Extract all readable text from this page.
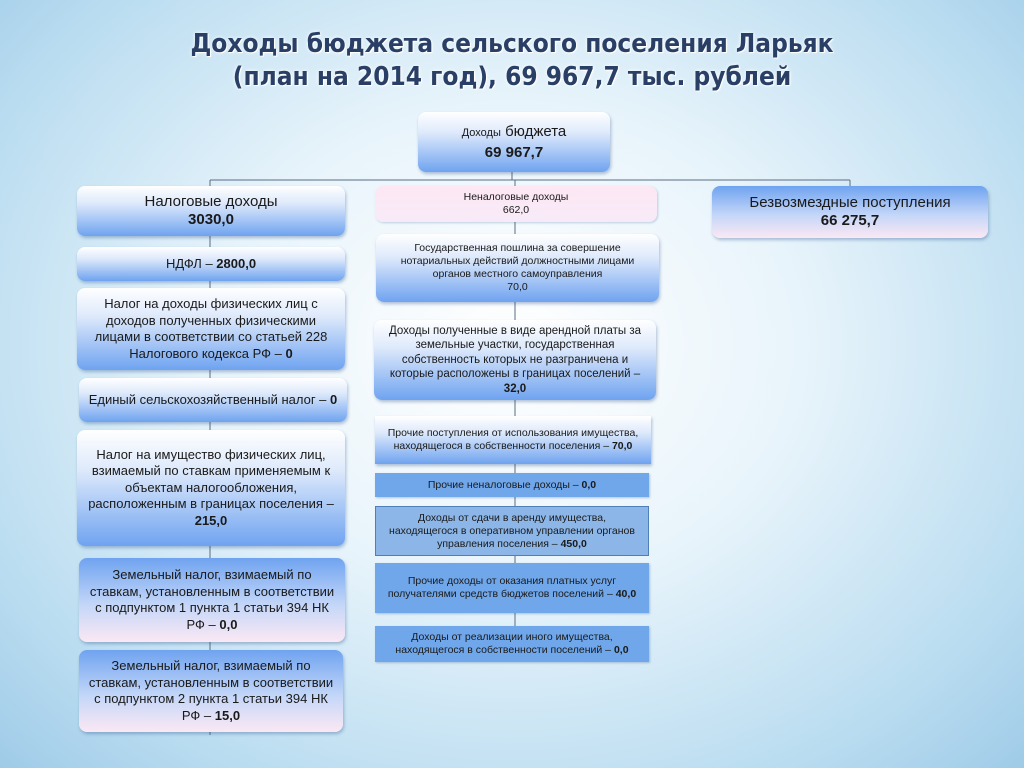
Доходы бюджета сельского поселения Ларьяк
(план на 2014 год), 69 967,7 тыс. рублей
Доходы бюджета
69 967,7
Налоговые доходы
3030,0
Неналоговые доходы
662,0	Безвозмездные поступления
66 275,7
НДФЛ – 2800,0
Налог на доходы физических лиц с доходов полученных физическими лицами в соответствии со статьей 228 Налогового кодекса РФ – 0
Единый сельскохозяйственный налог – 0
Налог на имущество физических лиц, взимаемый по ставкам применяемым к объектам налогообложения, расположенным в границах поселения – 215,0
Земельный налог, взимаемый по ставкам, установленным в соответствии с подпунктом 1 пункта 1 статьи 394 НК РФ – 0,0
Земельный налог, взимаемый по ставкам, установленным в соответствии с подпунктом 2 пункта 1 статьи 394 НК РФ – 15,0
Государственная пошлина за совершение нотариальных действий должностными лицами органов местного самоуправления
70,0
Доходы полученные в виде арендной платы за земельные участки, государственная собственность которых не разграничена и которые расположены в границах поселений – 32,0
Прочие поступления от использования имущества, находящегося в собственности поселения – 70,0
Прочие неналоговые доходы – 0,0
Доходы от сдачи в аренду имущества, находящегося в оперативном управлении органов управления поселения – 450,0
Прочие доходы от оказания платных услуг получателями средств бюджетов поселений – 40,0
Доходы от реализации иного имущества, находящегося в собственности поселений – 0,0
